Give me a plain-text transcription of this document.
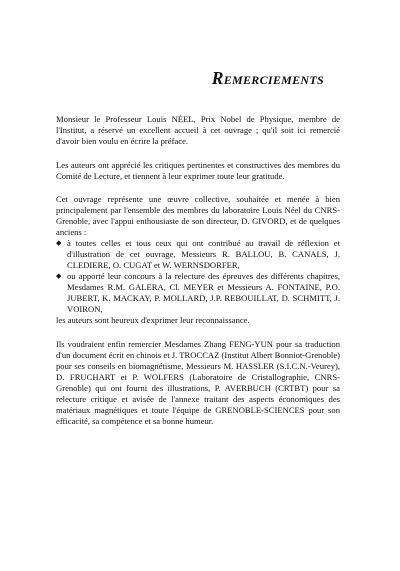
Remerciements

Monsieur le Professeur Louis NÉEL, Prix Nobel de Physique, membre de l'Institut, a réservé un excellent accueil à cet ouvrage ; qu'il soit ici remercié d'avoir bien voulu en écrire la préface.

Les auteurs ont apprécié les critiques pertinentes et constructives des membres du Comité de Lecture, et tiennent à leur exprimer toute leur gratitude.

Cet ouvrage représente une œuvre collective, souhaitée et menée à bien principalement par l'ensemble des membres du laboratoire Louis Néel du CNRS-Grenoble, avec l'appui enthousiaste de son directeur, D. GIVORD, et de quelques anciens :

◆ à toutes celles et tous ceux qui ont contribué au travail de réflexion et d'illustration de cet ouvrage, Messieurs R. BALLOU, B. CANALS, J. CLEDIERE, O. CUGAT et W. WERNSDORFER,
◆ ou apporté leur concours à la relecture des épreuves des différents chapitres, Mesdames R.M. GALERA, Cl. MEYER et Messieurs A. FONTAINE, P.O. JUBERT, K. MACKAY, P. MOLLARD, J.P. REBOUILLAT, D. SCHMITT, J. VOIRON,

les auteurs sont heureux d'exprimer leur reconnaissance.

Ils voudraient enfin remercier Mesdames Zhang FENG-YUN pour sa traduction d'un document écrit en chinois et J. TROCCAZ (Institut Albert Bonniot-Grenoble) pour ses conseils en biomagnétisme, Messieurs M. HASSLER (S.I.C.N.-Veurey), D. FRUCHART et P. WOLFERS (Laboratoire de Cristallographie, CNRS-Grenoble) qui ont fourni des illustrations, P. AVERBUCH (CRTBT) pour sa relecture critique et avisée de l'annexe traitant des aspects économiques des matériaux magnétiques et toute l'équipe de GRENOBLE-SCIENCES pour son efficacité, sa compétence et sa bonne humeur.
